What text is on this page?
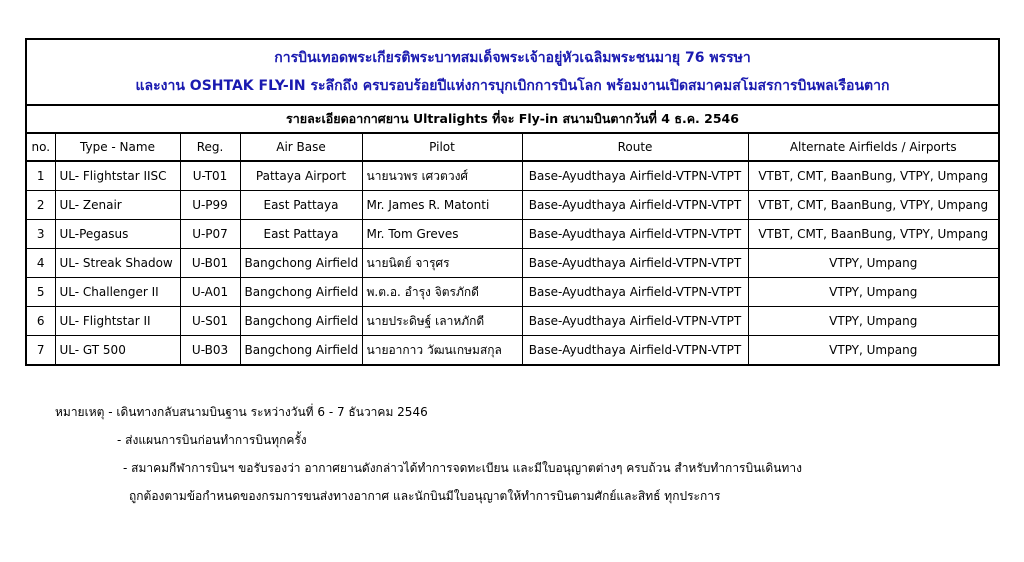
การบินเทอดพระเกียรติพระบาทสมเด็จพระเจ้าอยู่หัวเฉลิมพระชนมายุ 76 พรรษา
และงาน OSHTAK FLY-IN ระลึกถึง ครบรอบร้อยปีแห่งการบุกเบิกการบินโลก พร้อมงานเปิดสมาคมสโมสรการบินพลเรือนตาก
รายละเอียดอากาศยาน Ultralights ที่จะ Fly-in สนามบินตากวันที่ 4 ธ.ค. 2546
no.	Type - Name	Reg.	Air Base	Pilot	Route	Alternate Airfields / Airports
1	UL- Flightstar IISC	U-T01	Pattaya Airport	นายนวพร เศวตวงศ์	Base-Ayudthaya Airfield-VTPN-VTPT	VTBT, CMT, BaanBung, VTPY, Umpang
2	UL- Zenair	U-P99	East Pattaya	Mr. James R. Matonti	Base-Ayudthaya Airfield-VTPN-VTPT	VTBT, CMT, BaanBung, VTPY, Umpang
3	UL-Pegasus	U-P07	East Pattaya	Mr. Tom Greves	Base-Ayudthaya Airfield-VTPN-VTPT	VTBT, CMT, BaanBung, VTPY, Umpang
4	UL- Streak Shadow	U-B01	Bangchong Airfield	นายนิตย์ จารุศร	Base-Ayudthaya Airfield-VTPN-VTPT	VTPY, Umpang
5	UL- Challenger II	U-A01	Bangchong Airfield	พ.ต.อ. อำรุง จิตรภักดี	Base-Ayudthaya Airfield-VTPN-VTPT	VTPY, Umpang
6	UL- Flightstar II	U-S01	Bangchong Airfield	นายประดิษฐ์ เลาหภักดี	Base-Ayudthaya Airfield-VTPN-VTPT	VTPY, Umpang
7	UL- GT 500	U-B03	Bangchong Airfield	นายอากาว วัฒนเกษมสกุล	Base-Ayudthaya Airfield-VTPN-VTPT	VTPY, Umpang
หมายเหตุ - เดินทางกลับสนามบินฐาน ระหว่างวันที่ 6 - 7 ธันวาคม 2546
- ส่งแผนการบินก่อนทำการบินทุกครั้ง
- สมาคมกีฬาการบินฯ ขอรับรองว่า อากาศยานดังกล่าวได้ทำการจดทะเบียน และมีใบอนุญาตต่างๆ ครบถ้วน สำหรับทำการบินเดินทาง
ถูกต้องตามข้อกำหนดของกรมการขนส่งทางอากาศ และนักบินมีใบอนุญาตให้ทำการบินตามศักย์และสิทธ์ ทุกประการ
